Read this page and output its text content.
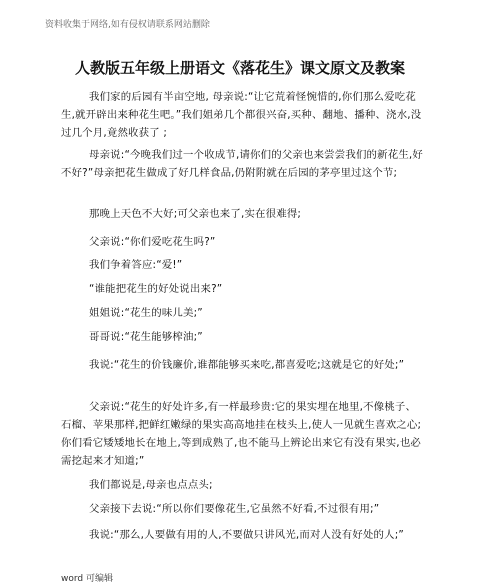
资料收集于网络,如有侵权请联系网站删除
人教版五年级上册语文《落花生》课文原文及教案

我们家的后园有半亩空地, 母亲说:“让它荒着怪惋惜的,你们那么爱吃花生,就开辟出来种花生吧。”我们姐弟几个都很兴奋,买种、翻地、播种、浇水,没过几个月,竟然收获了 ;

母亲说:“今晚我们过一个收成节,请你们的父亲也来尝尝我们的新花生,好不好?”母亲把花生做成了好几样食品,仍附附就在后园的茅亭里过这个节;

那晚上天色不大好;可父亲也来了,实在很难得;

父亲说:“你们爱吃花生吗?”

我们争着答应:“爱!”

“谁能把花生的好处说出来?”

姐姐说:“花生的味儿美;”

哥哥说:“花生能够榨油;”

我说:“花生的价钱廉价,谁都能够买来吃,都喜爱吃;这就是它的好处;”

父亲说:“花生的好处许多,有一样最珍贵:它的果实埋在地里,不像桃子、石榴、苹果那样,把鲜红嫩绿的果实高高地挂在枝头上,使人一见就生喜欢之心;你们看它矮矮地长在地上,等到成熟了,也不能马上辨论出来它有没有果实,也必需挖起来才知道;”

我们都说是,母亲也点点头;

父亲接下去说:“所以你们要像花生,它虽然不好看,不过很有用;”

我说:“那么,人要做有用的人,不要做只讲风光,而对人没有好处的人;”

word 可编辑
